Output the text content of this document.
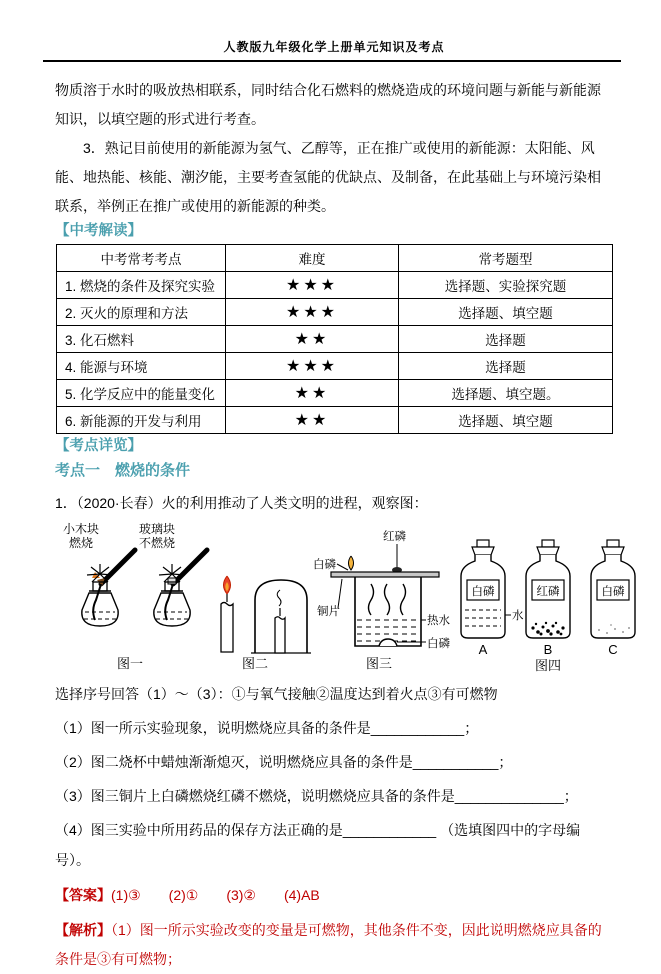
人教版九年级化学上册单元知识及考点

物质溶于水时的吸放热相联系，同时结合化石燃料的燃烧造成的环境问题与新能与新能源知识，以填空题的形式进行考查。

3．熟记目前使用的新能源为氢气、乙醇等，正在推广或使用的新能源：太阳能、风能、地热能、核能、潮汐能，主要考查氢能的优缺点、及制备，在此基础上与环境污染相联系，举例正在推广或使用的新能源的种类。

【中考解读】
中考常考考点	难度	常考题型
1. 燃烧的条件及探究实验	★★★	选择题、实验探究题
2. 灭火的原理和方法	★★★	选择题、填空题
3. 化石燃料	★★	选择题
4. 能源与环境	★★★	选择题
5. 化学反应中的能量变化	★★	选择题、填空题。
6. 新能源的开发与利用	★★	选择题、填空题
【考点详览】
考点一　燃烧的条件

1．（2020·长春）火的利用推动了人类文明的进程，观察图：

小木块
燃烧
玻璃块
不燃烧
图一	图二
红磷
白磷
铜片
热水
白磷
图三
白磷
水
红磷	白磷
A	B	C
图四

选择序号回答（1）～（3）：①与氧气接触②温度达到着火点③有可燃物

（1）图一所示实验现象，说明燃烧应具备的条件是____________；

（2）图二烧杯中蜡烛渐渐熄灭，说明燃烧应具备的条件是___________；

（3）图三铜片上白磷燃烧红磷不燃烧，说明燃烧应具备的条件是______________；

（4）图三实验中所用药品的保存方法正确的是____________ （选填图四中的字母编号）。

【答案】(1)③　　(2)①　　(3)②　　(4)AB

【解析】（1）图一所示实验改变的变量是可燃物，其他条件不变，因此说明燃烧应具备的条件是③有可燃物；
